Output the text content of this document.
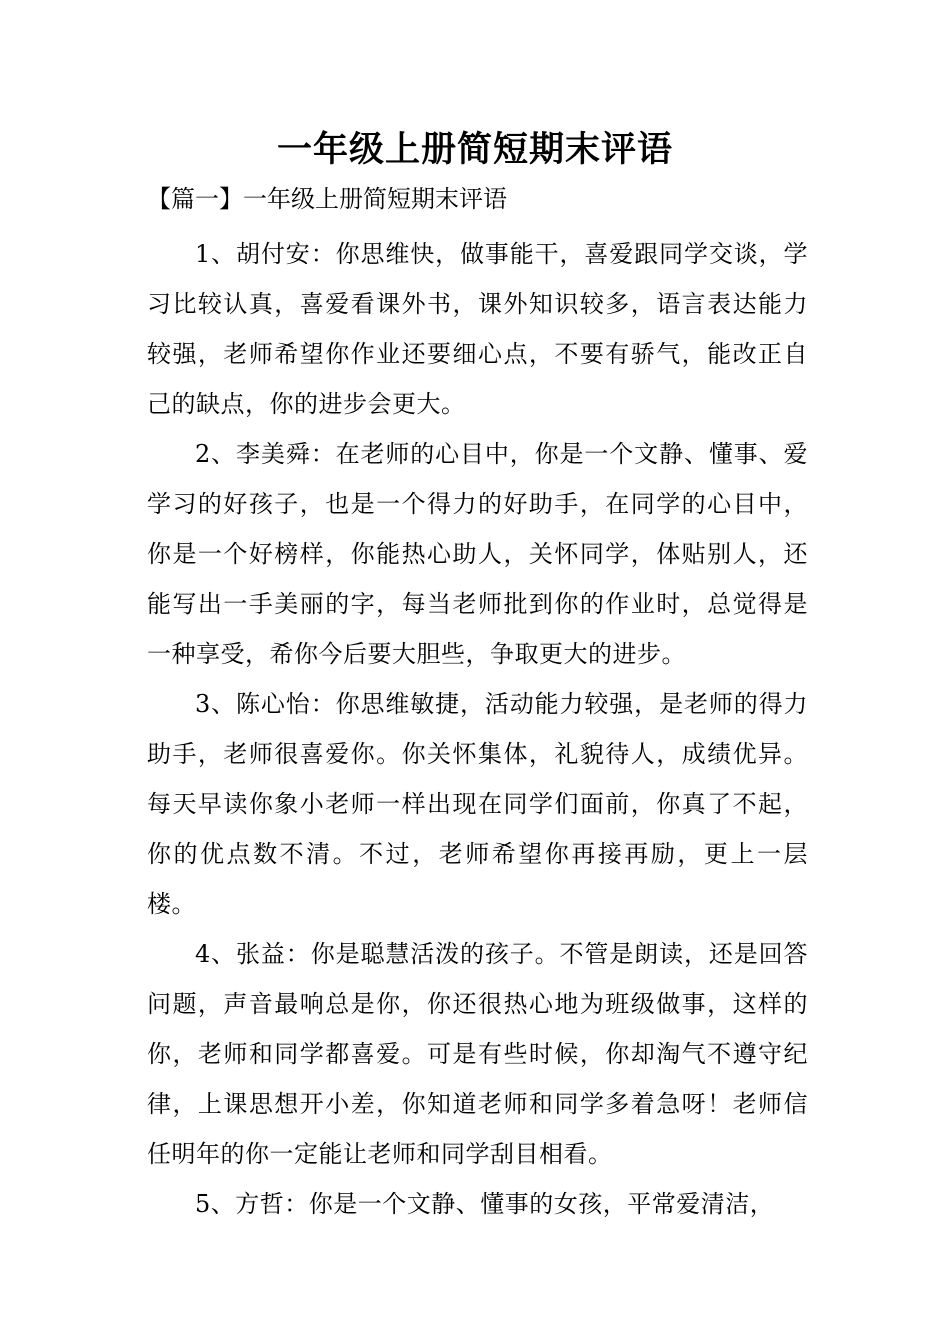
一年级上册简短期末评语

【篇一】一年级上册简短期末评语

1、胡付安：你思维快，做事能干，喜爱跟同学交谈，学习比较认真，喜爱看课外书，课外知识较多，语言表达能力较强，老师希望你作业还要细心点，不要有骄气，能改正自己的缺点，你的进步会更大。

2、李美舜：在老师的心目中，你是一个文静、懂事、爱学习的好孩子，也是一个得力的好助手，在同学的心目中，你是一个好榜样，你能热心助人，关怀同学，体贴别人，还能写出一手美丽的字，每当老师批到你的作业时，总觉得是一种享受，希你今后要大胆些，争取更大的进步。

3、陈心怡：你思维敏捷，活动能力较强，是老师的得力助手，老师很喜爱你。你关怀集体，礼貌待人，成绩优异。每天早读你象小老师一样出现在同学们面前，你真了不起，你的优点数不清。不过，老师希望你再接再励，更上一层楼。

4、张益：你是聪慧活泼的孩子。不管是朗读，还是回答问题，声音最响总是你，你还很热心地为班级做事，这样的你，老师和同学都喜爱。可是有些时候，你却淘气不遵守纪律，上课思想开小差，你知道老师和同学多着急呀！老师信任明年的你一定能让老师和同学刮目相看。

5、方哲：你是一个文静、懂事的女孩，平常爱清洁，
